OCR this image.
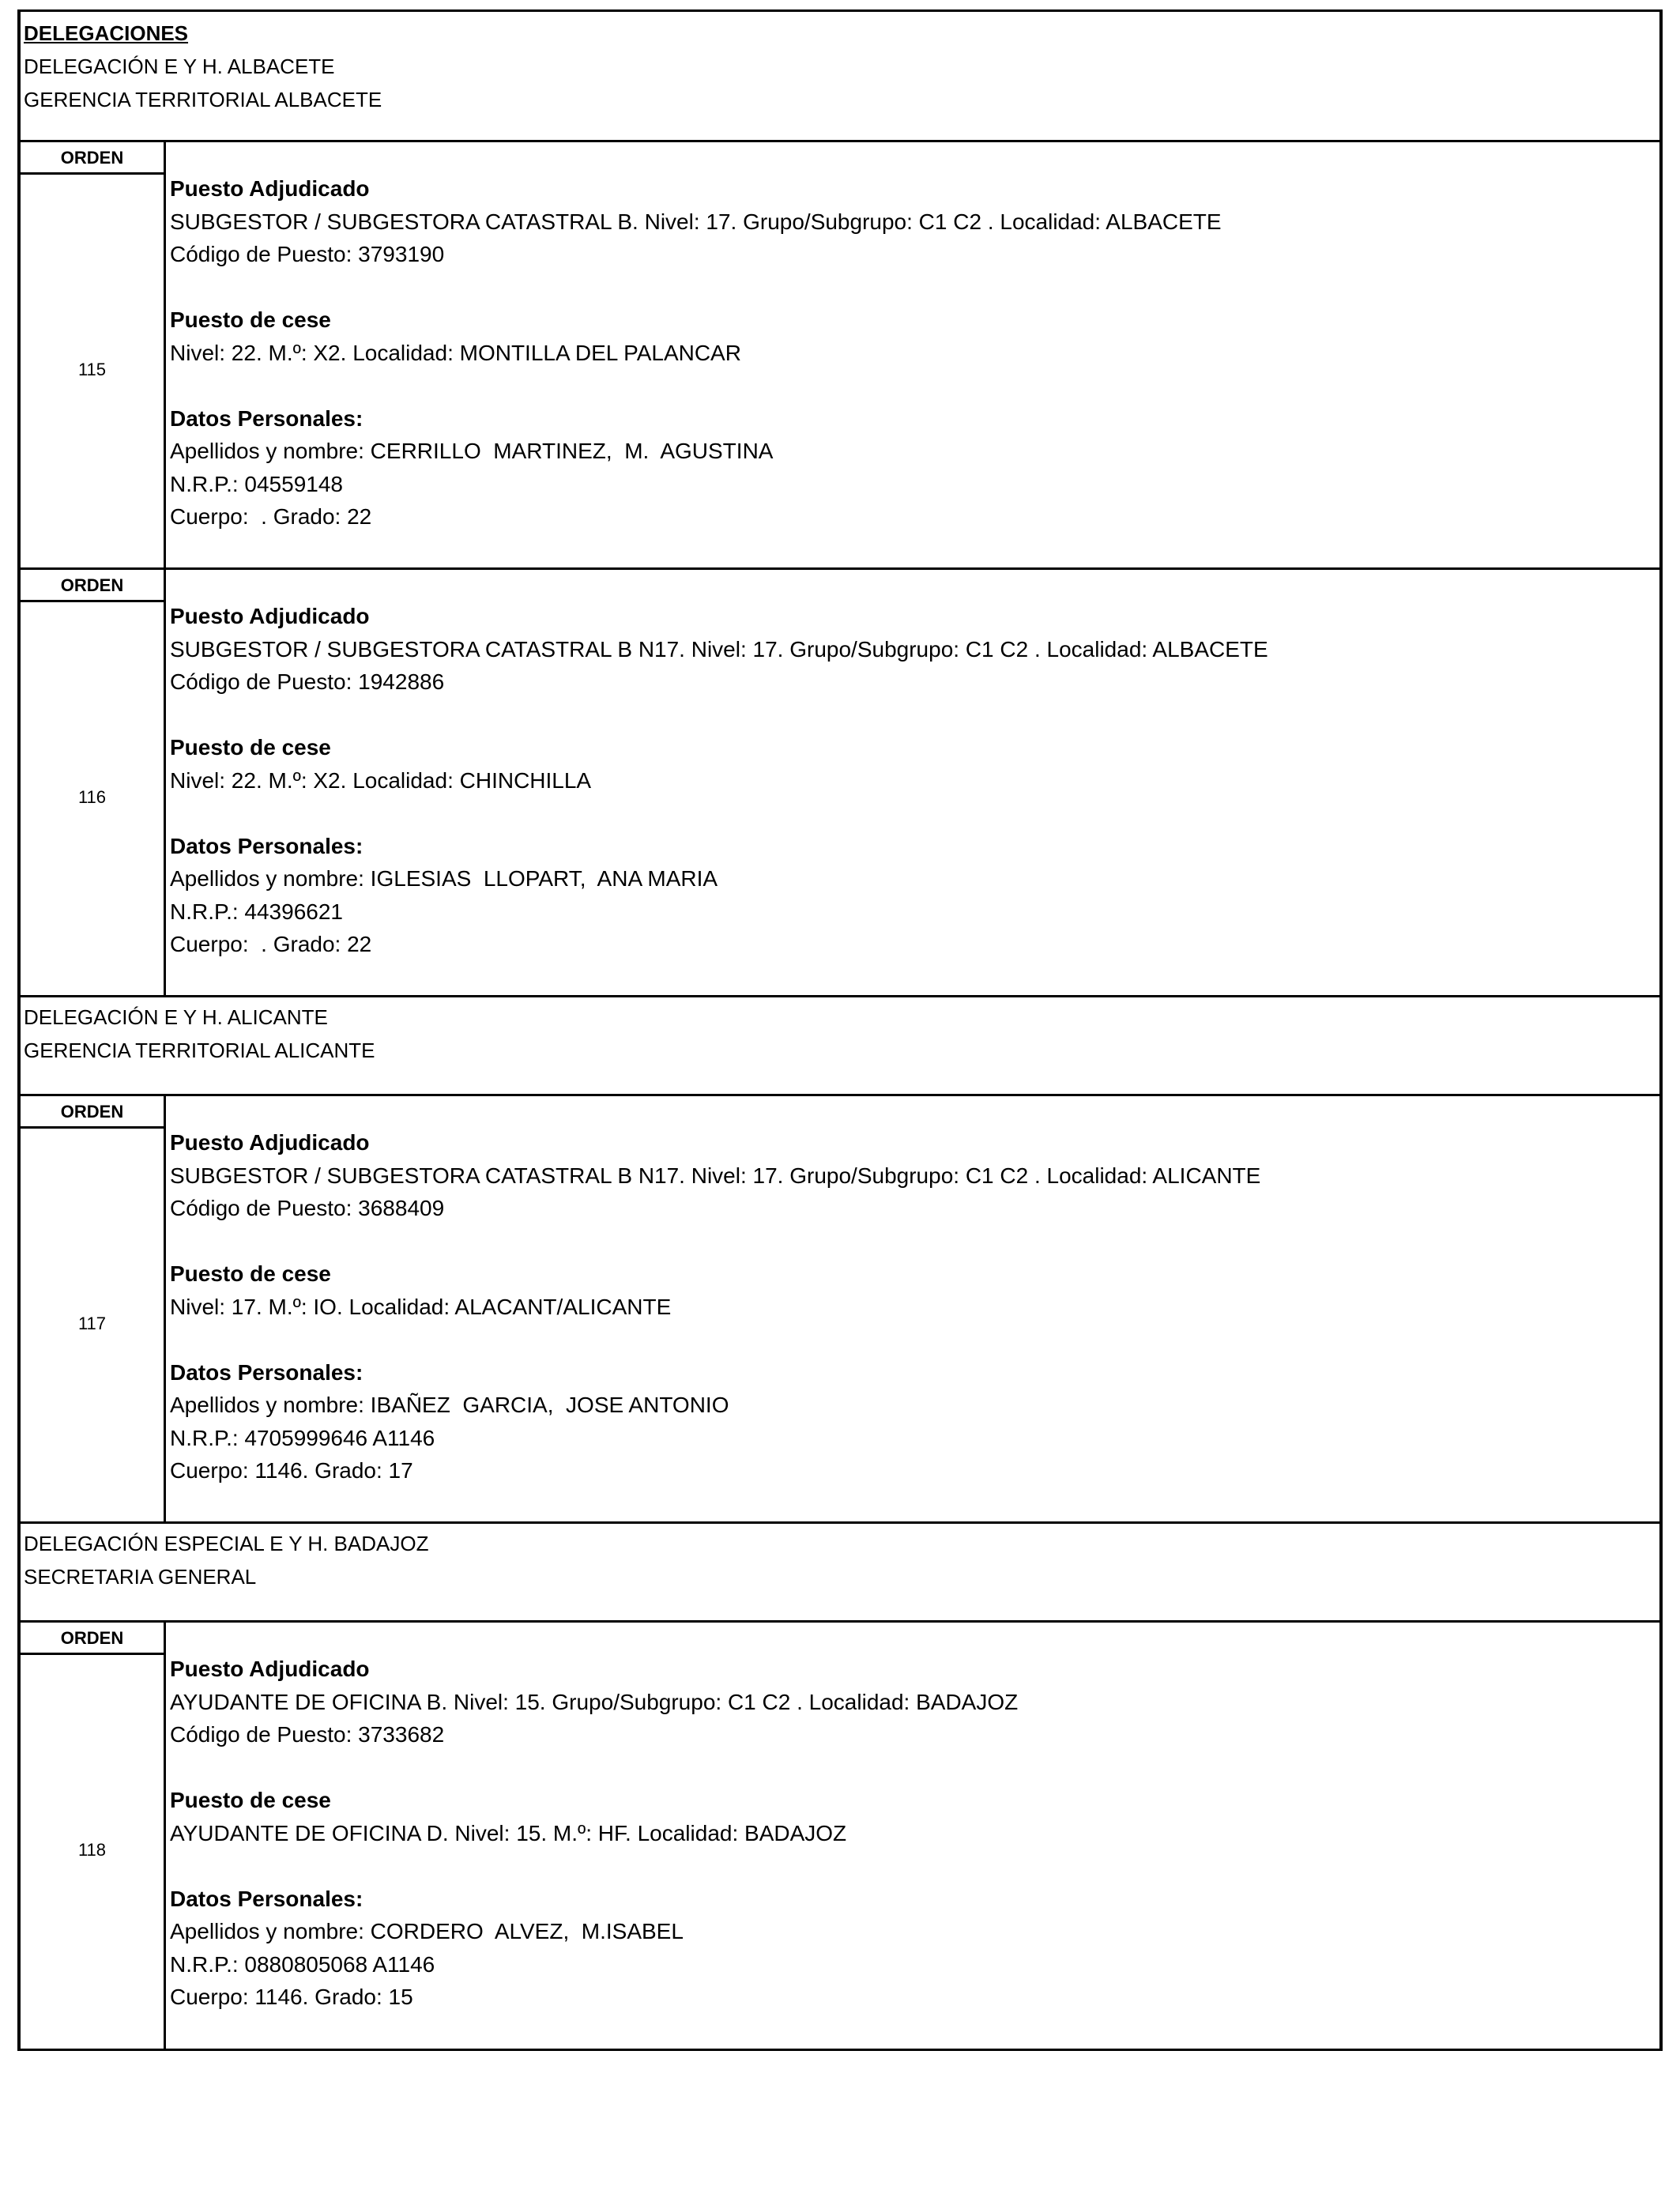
DELEGACIONES
DELEGACIÓN E Y H. ALBACETE
GERENCIA TERRITORIAL ALBACETE
ORDEN
115
Puesto Adjudicado
SUBGESTOR / SUBGESTORA CATASTRAL B. Nivel: 17. Grupo/Subgrupo: C1 C2 . Localidad: ALBACETE
Código de Puesto: 3793190
Puesto de cese
Nivel: 22. M.º: X2. Localidad: MONTILLA DEL PALANCAR
Datos Personales:
Apellidos y nombre: CERRILLO  MARTINEZ,  M.  AGUSTINA
N.R.P.: 04559148
Cuerpo:  . Grado: 22
ORDEN
116
Puesto Adjudicado
SUBGESTOR / SUBGESTORA CATASTRAL B N17. Nivel: 17. Grupo/Subgrupo: C1 C2 . Localidad: ALBACETE
Código de Puesto: 1942886
Puesto de cese
Nivel: 22. M.º: X2. Localidad: CHINCHILLA
Datos Personales:
Apellidos y nombre: IGLESIAS  LLOPART,  ANA MARIA
N.R.P.: 44396621
Cuerpo:  . Grado: 22
DELEGACIÓN E Y H. ALICANTE
GERENCIA TERRITORIAL ALICANTE
ORDEN
117
Puesto Adjudicado
SUBGESTOR / SUBGESTORA CATASTRAL B N17. Nivel: 17. Grupo/Subgrupo: C1 C2 . Localidad: ALICANTE
Código de Puesto: 3688409
Puesto de cese
Nivel: 17. M.º: IO. Localidad: ALACANT/ALICANTE
Datos Personales:
Apellidos y nombre: IBAÑEZ  GARCIA,  JOSE ANTONIO
N.R.P.: 4705999646 A1146
Cuerpo: 1146. Grado: 17
DELEGACIÓN ESPECIAL E Y H. BADAJOZ
SECRETARIA GENERAL
ORDEN
118
Puesto Adjudicado
AYUDANTE DE OFICINA B. Nivel: 15. Grupo/Subgrupo: C1 C2 . Localidad: BADAJOZ
Código de Puesto: 3733682
Puesto de cese
AYUDANTE DE OFICINA D. Nivel: 15. M.º: HF. Localidad: BADAJOZ
Datos Personales:
Apellidos y nombre: CORDERO  ALVEZ,  M.ISABEL
N.R.P.: 0880805068 A1146
Cuerpo: 1146. Grado: 15
